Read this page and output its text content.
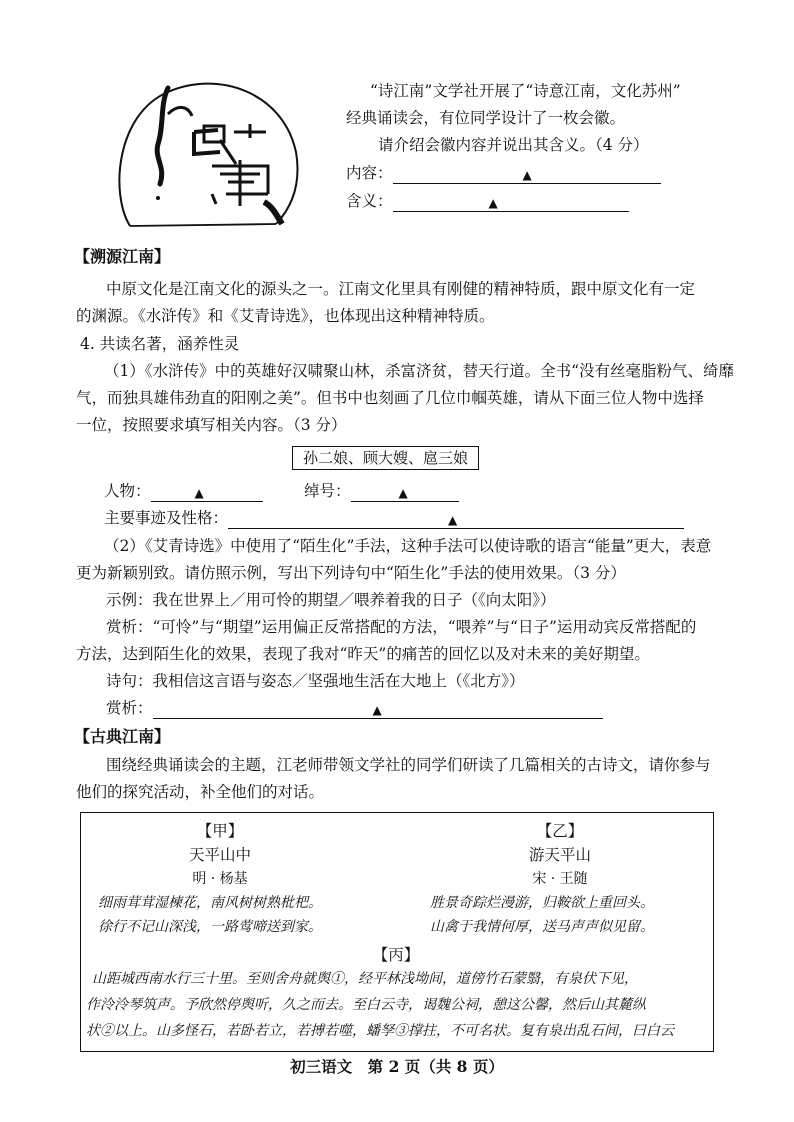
“诗江南”文学社开展了“诗意江南，文化苏州”
经典诵读会，有位同学设计了一枚会徽。
请介绍会徽内容并说出其含义。（4 分）
内容：	▲
含义：	▲
【溯源江南】
中原文化是江南文化的源头之一。江南文化里具有刚健的精神特质，跟中原文化有一定
的渊源。《水浒传》和《艾青诗选》，也体现出这种精神特质。
4. 共读名著，涵养性灵
（1）《水浒传》中的英雄好汉啸聚山林，杀富济贫，替天行道。全书“没有丝毫脂粉气、绮靡
气，而独具雄伟劲直的阳刚之美”。但书中也刻画了几位巾帼英雄，请从下面三位人物中选择
一位，按照要求填写相关内容。（3 分）
孙二娘、顾大嫂、扈三娘
人物：	▲	绰号：	▲
主要事迹及性格：	▲
（2）《艾青诗选》中使用了“陌生化”手法，这种手法可以使诗歌的语言“能量”更大，表意
更为新颖别致。请仿照示例，写出下列诗句中“陌生化”手法的使用效果。（3 分）
示例：我在世界上／用可怜的期望／喂养着我的日子（《向太阳》）
赏析：“可怜”与“期望”运用偏正反常搭配的方法，“喂养”与“日子”运用动宾反常搭配的
方法，达到陌生化的效果，表现了我对“昨天”的痛苦的回忆以及对未来的美好期望。
诗句：我相信这言语与姿态／坚强地生活在大地上（《北方》）
赏析：	▲
【古典江南】
围绕经典诵读会的主题，江老师带领文学社的同学们研读了几篇相关的古诗文，请你参与
他们的探究活动，补全他们的对话。
【甲】
天平山中
明 · 杨基
细雨茸茸湿楝花，南风树树熟枇杷。
徐行不记山深浅，一路莺啼送到家。
【乙】
游天平山
宋 · 王随
胜景奇踪烂漫游，归鞍欲上重回头。
山禽于我情何厚，送马声声似见留。
【丙】
山距城西南水行三十里。至则舍舟就舆①，经平林浅坳间，道傍竹石蒙翳，有泉伏下见，
作泠泠琴筑声。予欣然停舆听，久之而去。至白云寺，谒魏公祠，憩这公馨，然后山其麓纵
状②以上。山多怪石，若卧若立，若搏若噬，蟠孥③撑拄，不可名状。复有泉出乱石间，曰白云
初三语文　第 2 页（共 8 页）
